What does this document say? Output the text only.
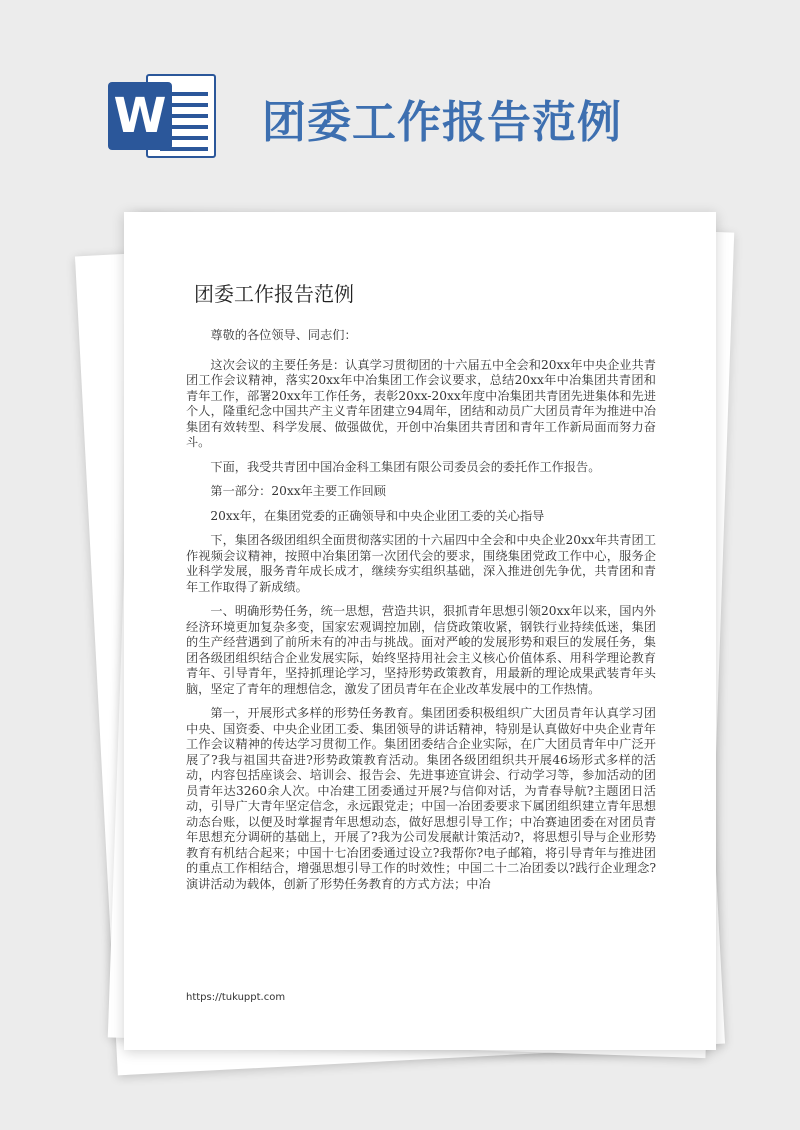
W 团委工作报告范例
团委工作报告范例

尊敬的各位领导、同志们：

这次会议的主要任务是：认真学习贯彻团的十六届五中全会和20xx年中央企业共青团工作会议精神，落实20xx年中冶集团工作会议要求，总结20xx年中冶集团共青团和青年工作，部署20xx年工作任务，表彰20xx-20xx年度中冶集团共青团先进集体和先进个人，隆重纪念中国共产主义青年团建立94周年，团结和动员广大团员青年为推进中冶集团有效转型、科学发展、做强做优，开创中冶集团共青团和青年工作新局面而努力奋斗。

下面，我受共青团中国冶金科工集团有限公司委员会的委托作工作报告。

第一部分：20xx年主要工作回顾

20xx年，在集团党委的正确领导和中央企业团工委的关心指导

下，集团各级团组织全面贯彻落实团的十六届四中全会和中央企业20xx年共青团工作视频会议精神，按照中冶集团第一次团代会的要求，围绕集团党政工作中心，服务企业科学发展，服务青年成长成才，继续夯实组织基础，深入推进创先争优，共青团和青年工作取得了新成绩。

一、明确形势任务，统一思想，营造共识，狠抓青年思想引领20xx年以来，国内外经济环境更加复杂多变，国家宏观调控加剧，信贷政策收紧，钢铁行业持续低迷，集团的生产经营遇到了前所未有的冲击与挑战。面对严峻的发展形势和艰巨的发展任务，集团各级团组织结合企业发展实际，始终坚持用社会主义核心价值体系、用科学理论教育青年、引导青年，坚持抓理论学习，坚持形势政策教育，用最新的理论成果武装青年头脑，坚定了青年的理想信念，激发了团员青年在企业改革发展中的工作热情。

第一，开展形式多样的形势任务教育。集团团委积极组织广大团员青年认真学习团中央、国资委、中央企业团工委、集团领导的讲话精神，特别是认真做好中央企业青年工作会议精神的传达学习贯彻工作。集团团委结合企业实际，在广大团员青年中广泛开展了?我与祖国共奋进?形势政策教育活动。集团各级团组织共开展46场形式多样的活动，内容包括座谈会、培训会、报告会、先进事迹宣讲会、行动学习等，参加活动的团员青年达3260余人次。中冶建工团委通过开展?与信仰对话，为青春导航?主题团日活动，引导广大青年坚定信念，永远跟党走；中国一冶团委要求下属团组织建立青年思想动态台账，以便及时掌握青年思想动态，做好思想引导工作；中冶赛迪团委在对团员青年思想充分调研的基础上，开展了?我为公司发展献计策活动?，将思想引导与企业形势教育有机结合起来；中国十七冶团委通过设立?我帮你?电子邮箱，将引导青年与推进团的重点工作相结合，增强思想引导工作的时效性；中国二十二冶团委以?践行企业理念?演讲活动为载体，创新了形势任务教育的方式方法；中冶

https://tukuppt.com
